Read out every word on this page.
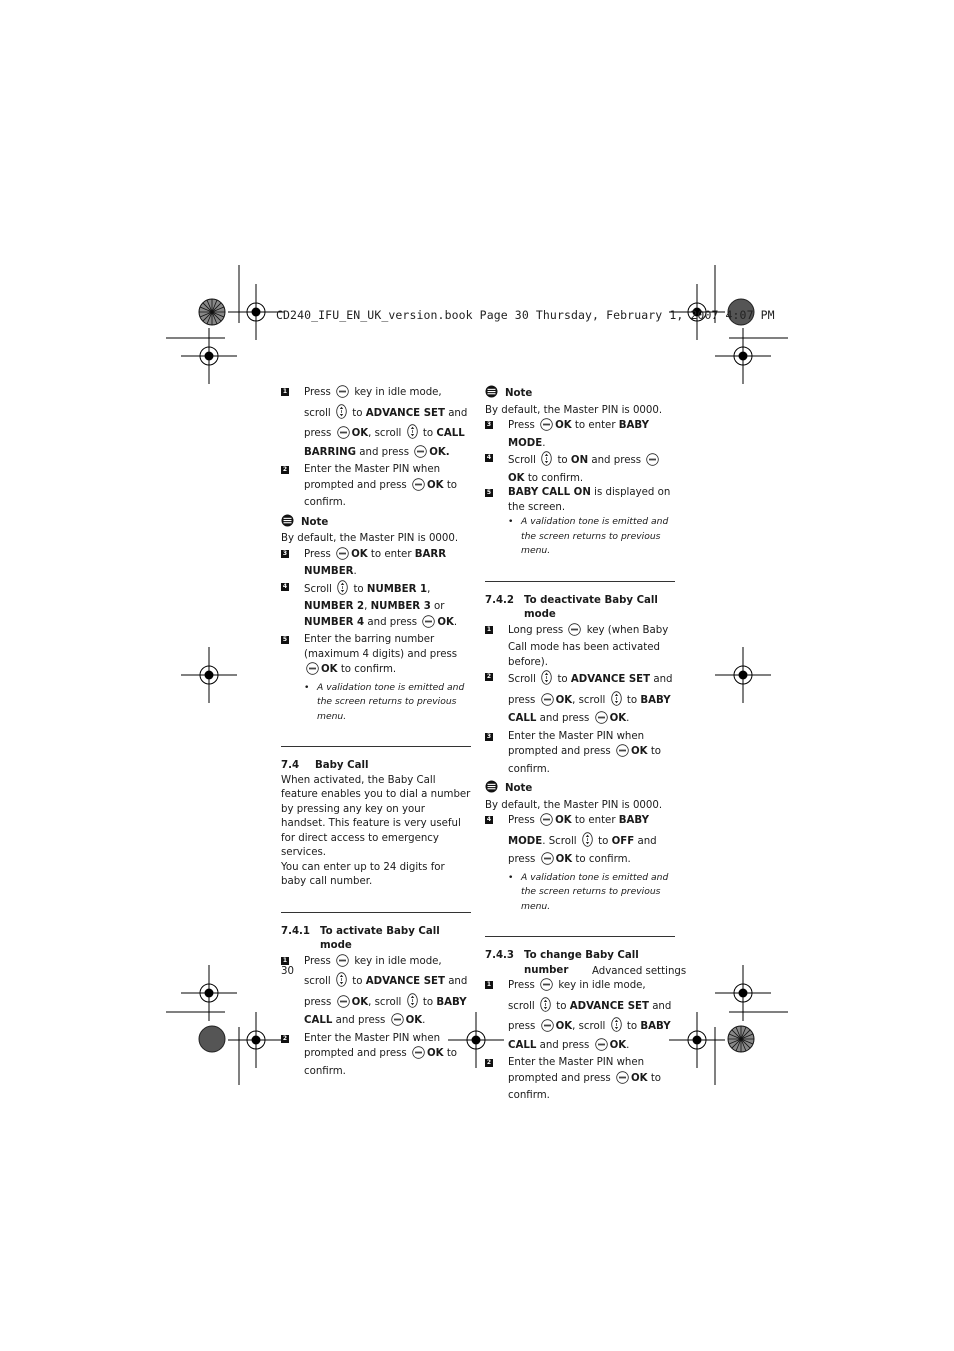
CD240_IFU_EN_UK_version.book Page 30 Thursday, February 1, 2007 4:07 PM
1 Press key in idle mode, scroll to ADVANCE SET and press OK, scroll to CALL BARRING and press OK.
2 Enter the Master PIN when prompted and press OK to confirm.
Note
By default, the Master PIN is 0000.
3 Press OK to enter BARR NUMBER.
4 Scroll to NUMBER 1, NUMBER 2, NUMBER 3 or NUMBER 4 and press OK.
5 Enter the barring number (maximum 4 digits) and press OK to confirm.
• A validation tone is emitted and the screen returns to previous menu.
7.4	Baby Call
When activated, the Baby Call feature enables you to dial a number by pressing any key on your handset. This feature is very useful for direct access to emergency services.
You can enter up to 24 digits for baby call number.
7.4.1 To activate Baby Call mode
1 Press key in idle mode, scroll to ADVANCE SET and press OK, scroll to BABY CALL and press OK.
2 Enter the Master PIN when prompted and press OK to confirm.
Note
By default, the Master PIN is 0000.
3 Press OK to enter BABY MODE.
4 Scroll to ON and press OK to confirm.
5 BABY CALL ON is displayed on the screen.
• A validation tone is emitted and the screen returns to previous menu.
7.4.2 To deactivate Baby Call mode
1 Long press key (when Baby Call mode has been activated before).
2 Scroll to ADVANCE SET and press OK, scroll to BABY CALL and press OK.
3 Enter the Master PIN when prompted and press OK to confirm.
Note
By default, the Master PIN is 0000.
4 Press OK to enter BABY MODE. Scroll to OFF and press OK to confirm.
• A validation tone is emitted and the screen returns to previous menu.
7.4.3 To change Baby Call number
1 Press key in idle mode, scroll to ADVANCE SET and press OK, scroll to BABY CALL and press OK.
2 Enter the Master PIN when prompted and press OK to confirm.
30	Advanced settings
